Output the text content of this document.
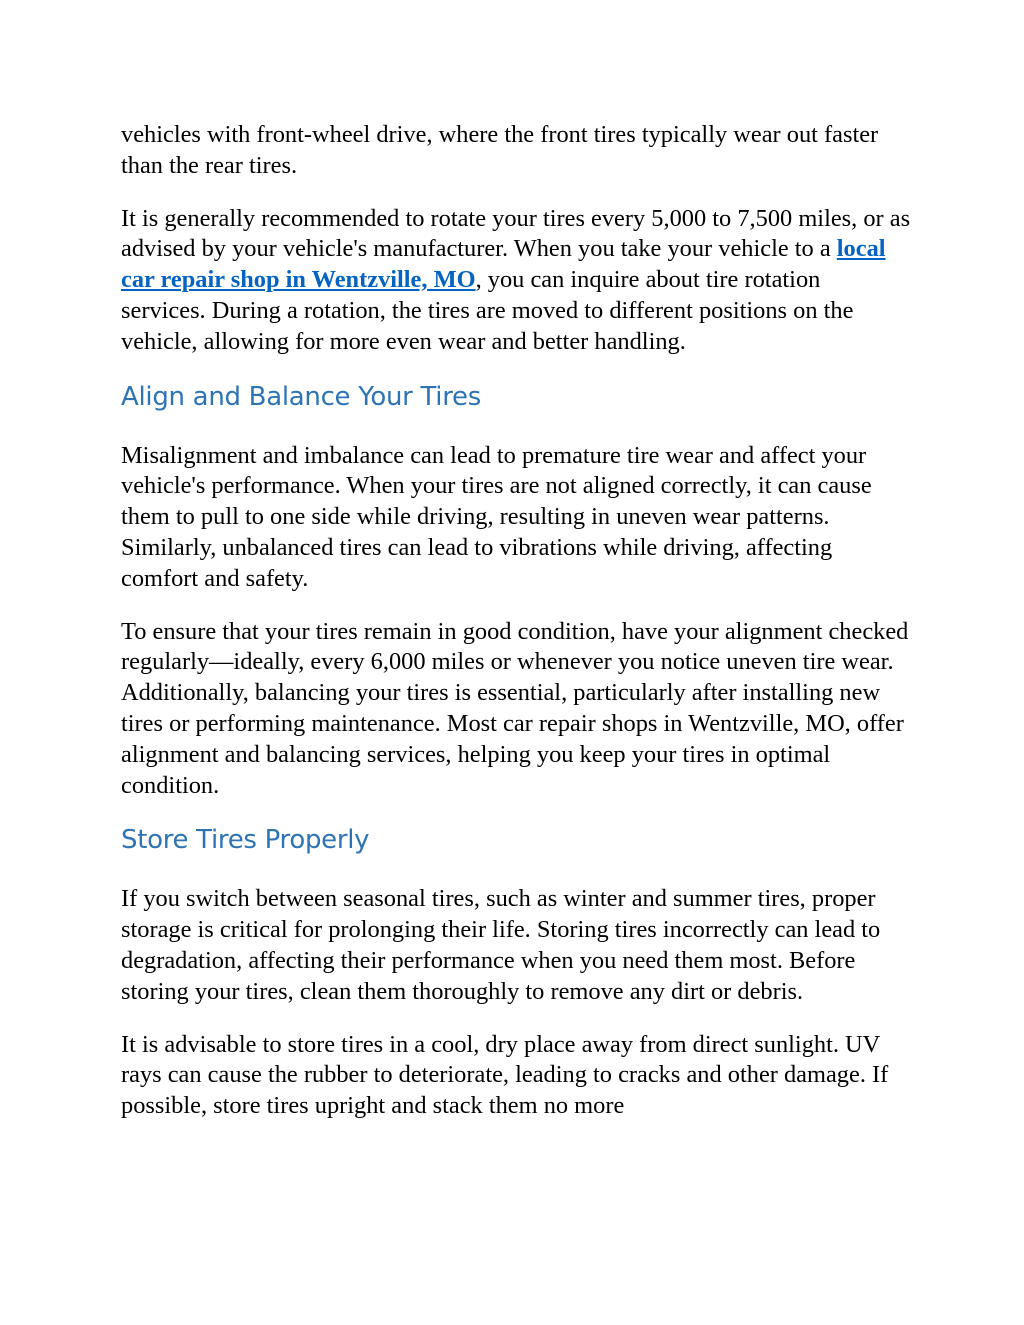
vehicles with front-wheel drive, where the front tires typically wear out faster than the rear tires.

It is generally recommended to rotate your tires every 5,000 to 7,500 miles, or as advised by your vehicle's manufacturer. When you take your vehicle to a local car repair shop in Wentzville, MO, you can inquire about tire rotation services. During a rotation, the tires are moved to different positions on the vehicle, allowing for more even wear and better handling.

Align and Balance Your Tires

Misalignment and imbalance can lead to premature tire wear and affect your vehicle's performance. When your tires are not aligned correctly, it can cause them to pull to one side while driving, resulting in uneven wear patterns. Similarly, unbalanced tires can lead to vibrations while driving, affecting comfort and safety.

To ensure that your tires remain in good condition, have your alignment checked regularly—ideally, every 6,000 miles or whenever you notice uneven tire wear. Additionally, balancing your tires is essential, particularly after installing new tires or performing maintenance. Most car repair shops in Wentzville, MO, offer alignment and balancing services, helping you keep your tires in optimal condition.

Store Tires Properly

If you switch between seasonal tires, such as winter and summer tires, proper storage is critical for prolonging their life. Storing tires incorrectly can lead to degradation, affecting their performance when you need them most. Before storing your tires, clean them thoroughly to remove any dirt or debris.

It is advisable to store tires in a cool, dry place away from direct sunlight. UV rays can cause the rubber to deteriorate, leading to cracks and other damage. If possible, store tires upright and stack them no more
